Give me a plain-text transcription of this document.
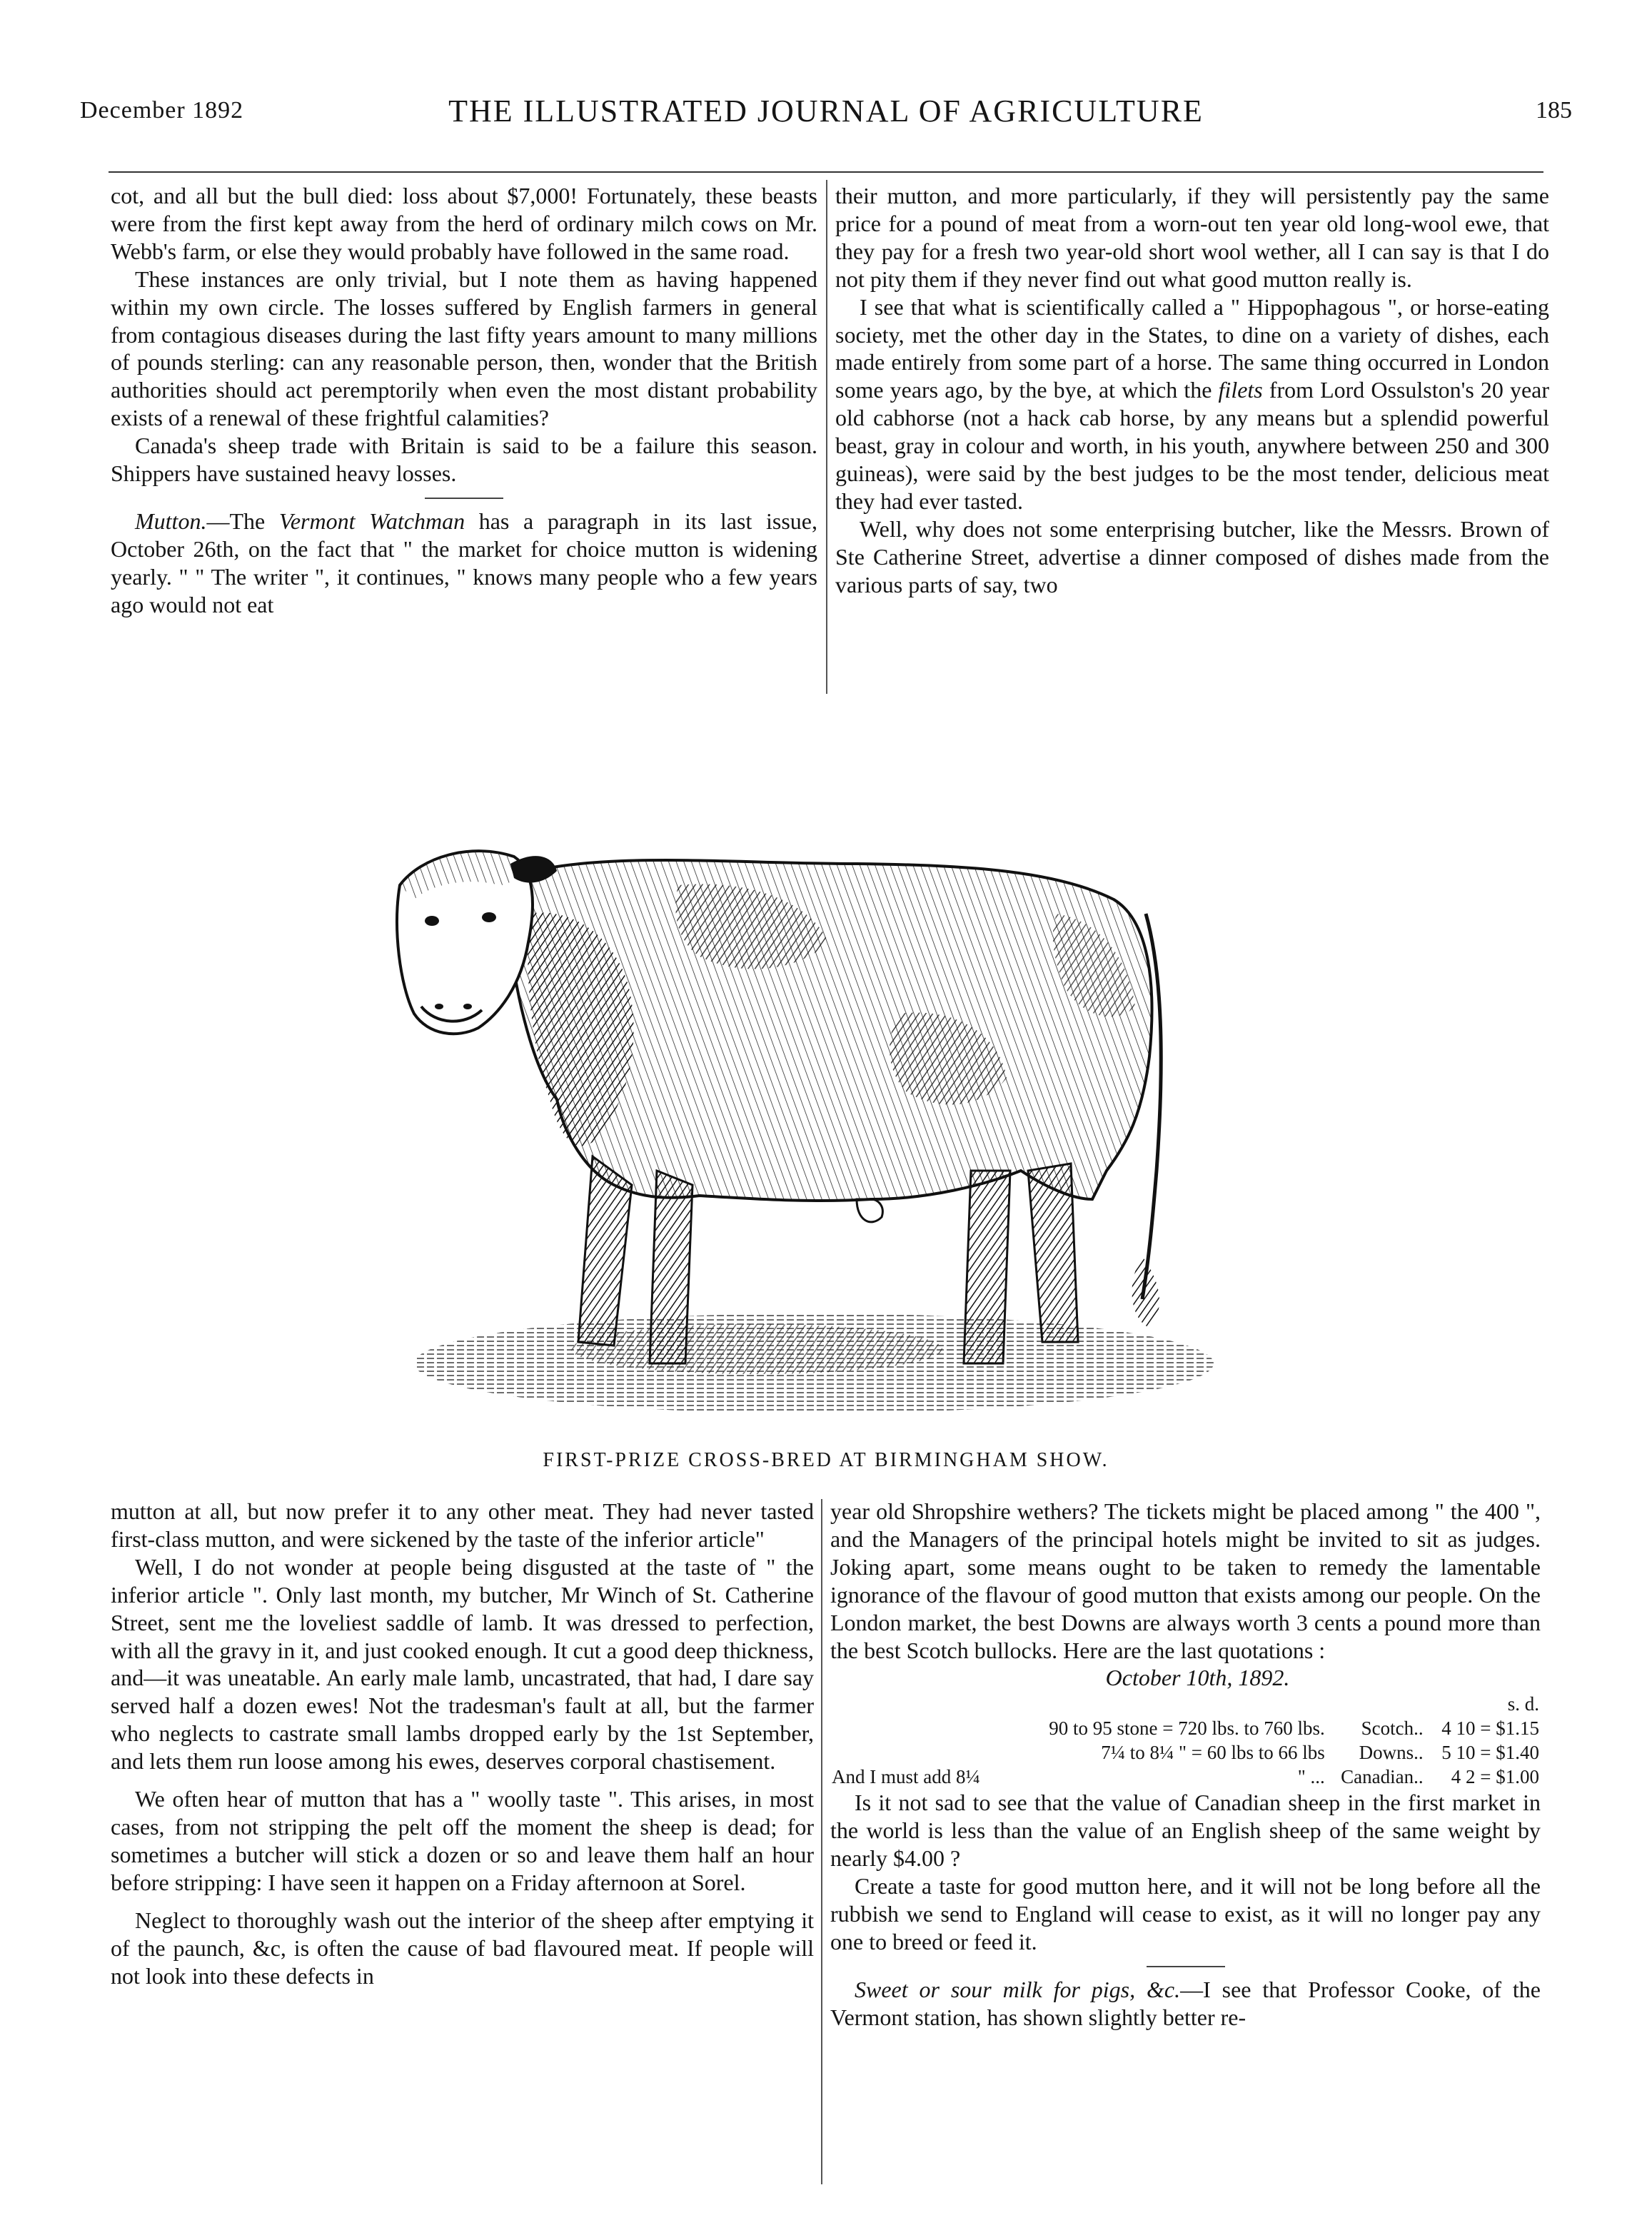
December 1892	THE ILLUSTRATED JOURNAL OF AGRICULTURE	185

cot, and all but the bull died: loss about $7,000! Fortunately, these beasts were from the first kept away from the herd of ordinary milch cows on Mr. Webb's farm, or else they would probably have followed in the same road.

These instances are only trivial, but I note them as having happened within my own circle. The losses suffered by English farmers in general from contagious diseases during the last fifty years amount to many millions of pounds sterling: can any reasonable person, then, wonder that the British authorities should act peremptorily when even the most distant probability exists of a renewal of these frightful calamities?

Canada's sheep trade with Britain is said to be a failure this season. Shippers have sustained heavy losses.

Mutton.—The Vermont Watchman has a paragraph in its last issue, October 26th, on the fact that " the market for choice mutton is widening yearly. " " The writer ", it continues, " knows many people who a few years ago would not eat

their mutton, and more particularly, if they will persistently pay the same price for a pound of meat from a worn-out ten year old long-wool ewe, that they pay for a fresh two year-old short wool wether, all I can say is that I do not pity them if they never find out what good mutton really is.

I see that what is scientifically called a " Hippophagous ", or horse-eating society, met the other day in the States, to dine on a variety of dishes, each made entirely from some part of a horse. The same thing occurred in London some years ago, by the bye, at which the filets from Lord Ossulston's 20 year old cabhorse (not a hack cab horse, by any means but a splendid powerful beast, gray in colour and worth, in his youth, anywhere between 250 and 300 guineas), were said by the best judges to be the most tender, delicious meat they had ever tasted.

Well, why does not some enterprising butcher, like the Messrs. Brown of Ste Catherine Street, advertise a dinner composed of dishes made from the various parts of say, two

FIRST-PRIZE CROSS-BRED AT BIRMINGHAM SHOW.

mutton at all, but now prefer it to any other meat. They had never tasted first-class mutton, and were sickened by the taste of the inferior article"

Well, I do not wonder at people being disgusted at the taste of " the inferior article ". Only last month, my butcher, Mr Winch of St. Catherine Street, sent me the loveliest saddle of lamb. It was dressed to perfection, with all the gravy in it, and just cooked enough. It cut a good deep thickness, and—it was uneatable. An early male lamb, uncastrated, that had, I dare say served half a dozen ewes! Not the tradesman's fault at all, but the farmer who neglects to castrate small lambs dropped early by the 1st September, and lets them run loose among his ewes, deserves corporal chastisement.

We often hear of mutton that has a " woolly taste ". This arises, in most cases, from not stripping the pelt off the moment the sheep is dead; for sometimes a butcher will stick a dozen or so and leave them half an hour before stripping: I have seen it happen on a Friday afternoon at Sorel.

Neglect to thoroughly wash out the interior of the sheep after emptying it of the paunch, &c, is often the cause of bad flavoured meat. If people will not look into these defects in

year old Shropshire wethers? The tickets might be placed among " the 400 ", and the Managers of the principal hotels might be invited to sit as judges. Joking apart, some means ought to be taken to remedy the lamentable ignorance of the flavour of good mutton that exists among our people. On the London market, the best Downs are always worth 3 cents a pound more than the best Scotch bullocks. Here are the last quotations :

October 10th, 1892.

			s. d.
	90 to 95 stone = 720 lbs. to 760 lbs.	Scotch..	4 10 = $1.15
	7¼ to 8¼ " = 60 lbs to 66 lbs	Downs..	5 10 = $1.40
And I must add 8¼	" ...	Canadian..	4 2 = $1.00

Is it not sad to see that the value of Canadian sheep in the first market in the world is less than the value of an English sheep of the same weight by nearly $4.00 ?

Create a taste for good mutton here, and it will not be long before all the rubbish we send to England will cease to exist, as it will no longer pay any one to breed or feed it.

Sweet or sour milk for pigs, &c.—I see that Professor Cooke, of the Vermont station, has shown slightly better re-
